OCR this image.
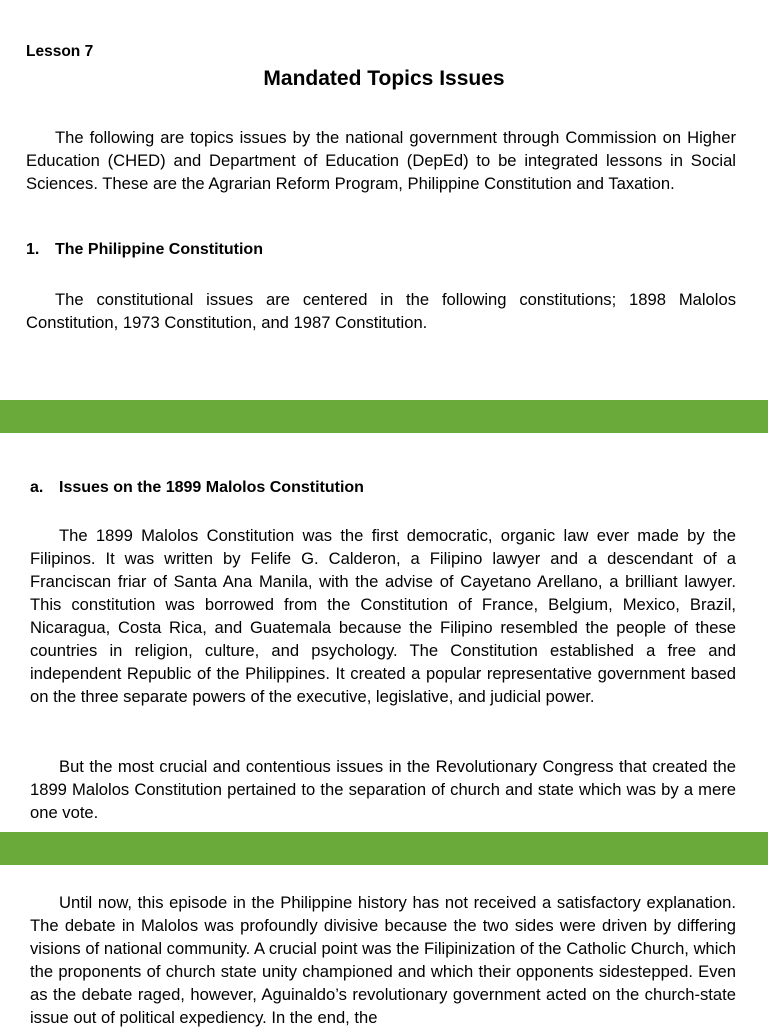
Lesson 7
Mandated Topics Issues

The following are topics issues by the national government through Commission on Higher Education (CHED) and Department of Education (DepEd) to be integrated lessons in Social Sciences. These are the Agrarian Reform Program, Philippine Constitution and Taxation.

1. The Philippine Constitution

The constitutional issues are centered in the following constitutions; 1898 Malolos Constitution, 1973 Constitution, and 1987 Constitution.

a. Issues on the 1899 Malolos Constitution

The 1899 Malolos Constitution was the first democratic, organic law ever made by the Filipinos. It was written by Felife G. Calderon, a Filipino lawyer and a descendant of a Franciscan friar of Santa Ana Manila, with the advise of Cayetano Arellano, a brilliant lawyer. This constitution was borrowed from the Constitution of France, Belgium, Mexico, Brazil, Nicaragua, Costa Rica, and Guatemala because the Filipino resembled the people of these countries in religion, culture, and psychology. The Constitution established a free and independent Republic of the Philippines. It created a popular representative government based on the three separate powers of the executive, legislative, and judicial power.

But the most crucial and contentious issues in the Revolutionary Congress that created the 1899 Malolos Constitution pertained to the separation of church and state which was by a mere one vote.

Until now, this episode in the Philippine history has not received a satisfactory explanation. The debate in Malolos was profoundly divisive because the two sides were driven by differing visions of national community. A crucial point was the Filipinization of the Catholic Church, which the proponents of church state unity championed and which their opponents sidestepped. Even as the debate raged, however, Aguinaldo’s revolutionary government acted on the church-state issue out of political expediency. In the end, the
